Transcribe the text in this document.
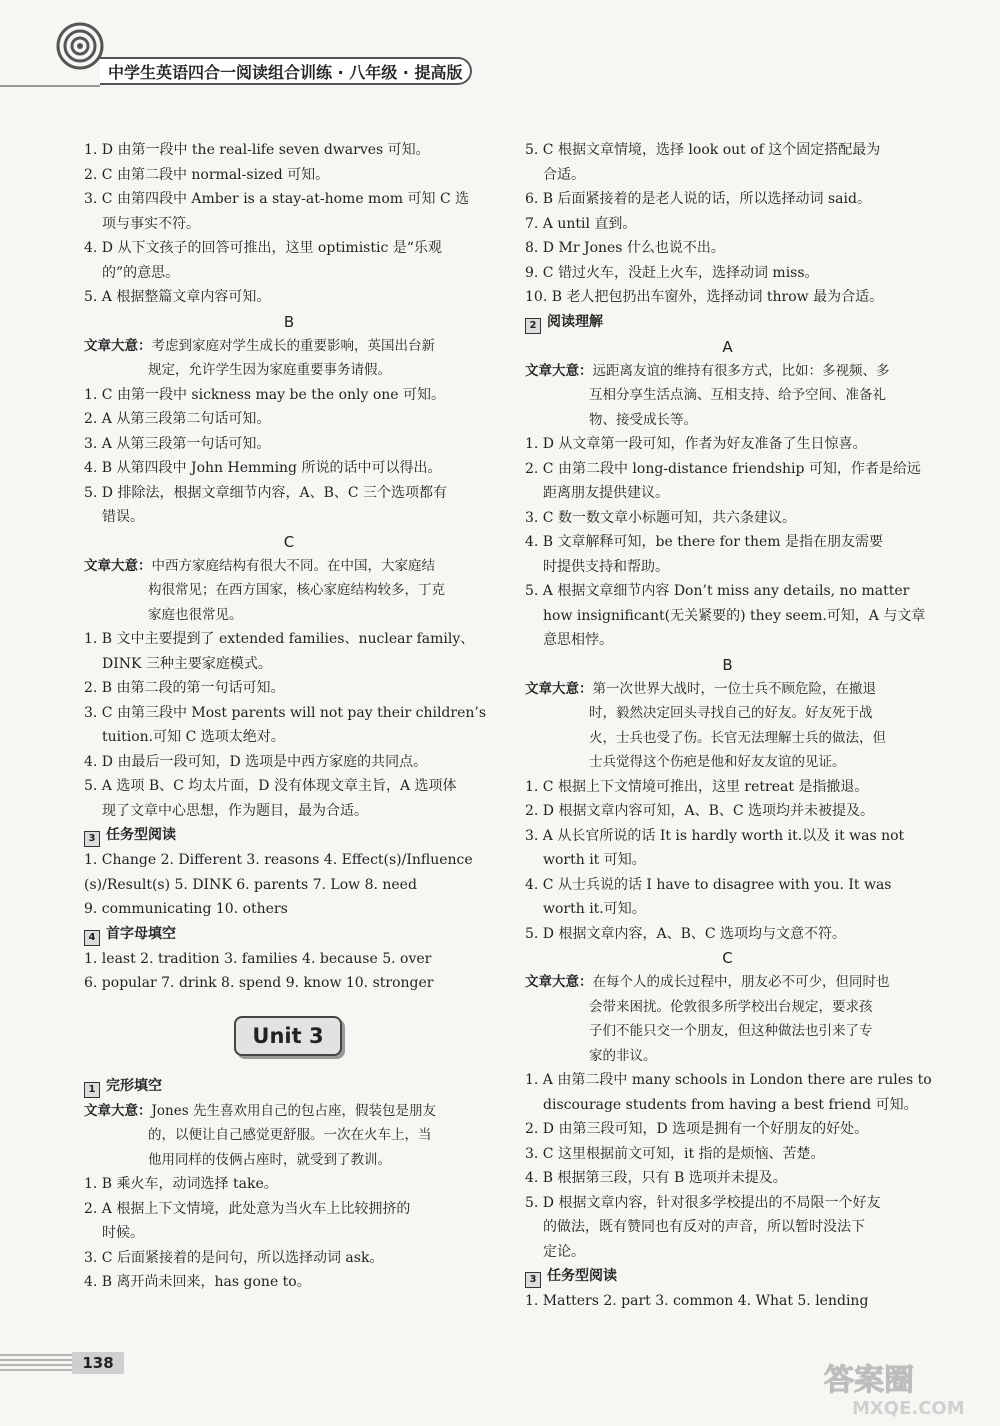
中学生英语四合一阅读组合训练 · 八年级 · 提高版
1. D 由第一段中 the real-life seven dwarves 可知。
2. C 由第二段中 normal-sized 可知。
3. C 由第四段中 Amber is a stay-at-home mom 可知 C 选
项与事实不符。
4. D 从下文孩子的回答可推出，这里 optimistic 是“乐观
的”的意思。
5. A 根据整篇文章内容可知。
B
文章大意：考虑到家庭对学生成长的重要影响，英国出台新
规定，允许学生因为家庭重要事务请假。
1. C 由第一段中 sickness may be the only one 可知。
2. A 从第三段第二句话可知。
3. A 从第三段第一句话可知。
4. B 从第四段中 John Hemming 所说的话中可以得出。
5. D 排除法，根据文章细节内容，A、B、C 三个选项都有
错误。
C
文章大意：中西方家庭结构有很大不同。在中国，大家庭结
构很常见；在西方国家，核心家庭结构较多，丁克
家庭也很常见。
1. B 文中主要提到了 extended families、nuclear family、
DINK 三种主要家庭模式。
2. B 由第二段的第一句话可知。
3. C 由第三段中 Most parents will not pay their children’s
tuition.可知 C 选项太绝对。
4. D 由最后一段可知，D 选项是中西方家庭的共同点。
5. A 选项 B、C 均太片面，D 没有体现文章主旨，A 选项体
现了文章中心思想，作为题目，最为合适。
3 任务型阅读
1. Change 2. Different 3. reasons 4. Effect(s)/Influence
(s)/Result(s) 5. DINK 6. parents 7. Low 8. need
9. communicating 10. others
4 首字母填空
1. least 2. tradition 3. families 4. because 5. over
6. popular 7. drink 8. spend 9. know 10. stronger
Unit 3
1 完形填空
文章大意：Jones 先生喜欢用自己的包占座，假装包是朋友
的，以便让自己感觉更舒服。一次在火车上，当
他用同样的伎俩占座时，就受到了教训。
1. B 乘火车，动词选择 take。
2. A 根据上下文情境，此处意为当火车上比较拥挤的
时候。
3. C 后面紧接着的是问句，所以选择动词 ask。
4. B 离开尚未回来，has gone to。
5. C 根据文章情境，选择 look out of 这个固定搭配最为
合适。
6. B 后面紧接着的是老人说的话，所以选择动词 said。
7. A until 直到。
8. D Mr Jones 什么也说不出。
9. C 错过火车，没赶上火车，选择动词 miss。
10. B 老人把包扔出车窗外，选择动词 throw 最为合适。
2 阅读理解
A
文章大意：远距离友谊的维持有很多方式，比如：多视频、多
互相分享生活点滴、互相支持、给予空间、准备礼
物、接受成长等。
1. D 从文章第一段可知，作者为好友准备了生日惊喜。
2. C 由第二段中 long-distance friendship 可知，作者是给远
距离朋友提供建议。
3. C 数一数文章小标题可知，共六条建议。
4. B 文章解释可知，be there for them 是指在朋友需要
时提供支持和帮助。
5. A 根据文章细节内容 Don’t miss any details, no matter
how insignificant(无关紧要的) they seem.可知，A 与文章
意思相悖。
B
文章大意：第一次世界大战时，一位士兵不顾危险，在撤退
时，毅然决定回头寻找自己的好友。好友死于战
火，士兵也受了伤。长官无法理解士兵的做法，但
士兵觉得这个伤疤是他和好友友谊的见证。
1. C 根据上下文情境可推出，这里 retreat 是指撤退。
2. D 根据文章内容可知，A、B、C 选项均并未被提及。
3. A 从长官所说的话 It is hardly worth it.以及 it was not
worth it 可知。
4. C 从士兵说的话 I have to disagree with you. It was
worth it.可知。
5. D 根据文章内容，A、B、C 选项均与文意不符。
C
文章大意：在每个人的成长过程中，朋友必不可少，但同时也
会带来困扰。伦敦很多所学校出台规定，要求孩
子们不能只交一个朋友，但这种做法也引来了专
家的非议。
1. A 由第二段中 many schools in London there are rules to
discourage students from having a best friend 可知。
2. D 由第三段可知，D 选项是拥有一个好朋友的好处。
3. C 这里根据前文可知，it 指的是烦恼、苦楚。
4. B 根据第三段，只有 B 选项并未提及。
5. D 根据文章内容，针对很多学校提出的不局限一个好友
的做法，既有赞同也有反对的声音，所以暂时没法下
定论。
3 任务型阅读
1. Matters 2. part 3. common 4. What 5. lending
138	答案圈
MXQE.COM
